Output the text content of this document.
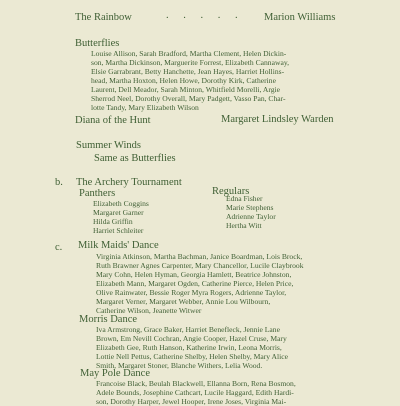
The Rainbow	. . . . . Marion Williams
Butterflies
Louise Allison, Sarah Bradford, Martha Clement, Helen Dickin-
son, Martha Dickinson, Marguerite Forrest, Elizabeth Cannaway,
Elsie Garrabrant, Betty Hanchette, Jean Hayes, Harriet Hollins-
head, Martha Hoxton, Helen Howe, Dorothy Kirk, Catherine
Laurent, Dell Meador, Sarah Minton, Whitfield Morelli, Argie
Sherrod Neel, Dorothy Overall, Mary Padgett, Vasso Pan, Char-
lotte Tandy, Mary Elizabeth Wilson
Diana of the Hunt	Margaret Lindsley Warden
Summer Winds
Same as Butterflies
b. The Archery Tournament
Panthers
Elizabeth Coggins
Margaret Garner
Hilda Griffin
Harriet Schleiter
Regulars
Edna Fisher
Marie Stephens
Adrienne Taylor
Hertha Witt
c. Milk Maids' Dance
Virginia Atkinson, Martha Bachman, Janice Boardman, Lois Brock,
Ruth Brawner Agnes Carpenter, Mary Chancellor, Lucile Claybrook
Mary Cohn, Helen Hyman, Georgia Hamlett, Beatrice Johnston,
Elizabeth Mann, Margaret Ogden, Catherine Pierce, Helen Price,
Olive Rainwater, Bessie Roger Myra Rogers, Adrienne Taylor,
Margaret Verner, Margaret Webber, Annie Lou Wilbourn,
Catherine Wilson, Jeanette Witwer
Morris Dance
Iva Armstrong, Grace Baker, Harriet Benefleck, Jennie Lane
Brown, Em Nevill Cochran, Angie Cooper, Hazel Cruse, Mary
Elizabeth Gee, Ruth Hanson, Katherine Irwin, Leona Morris,
Lottie Nell Pettus, Catherine Shelby, Helen Shelby, Mary Alice
Smith, Margaret Stoner, Blanche Withers, Lelia Wood.
May Pole Dance
Francoise Black, Beulah Blackwell, Ellanna Born, Rena Bosmon,
Adele Bounds, Josephine Cathcart, Lucile Haggard, Edith Hardi-
son, Dorothy Harper, Jewel Hooper, Irene Joses, Virginia Mai-
